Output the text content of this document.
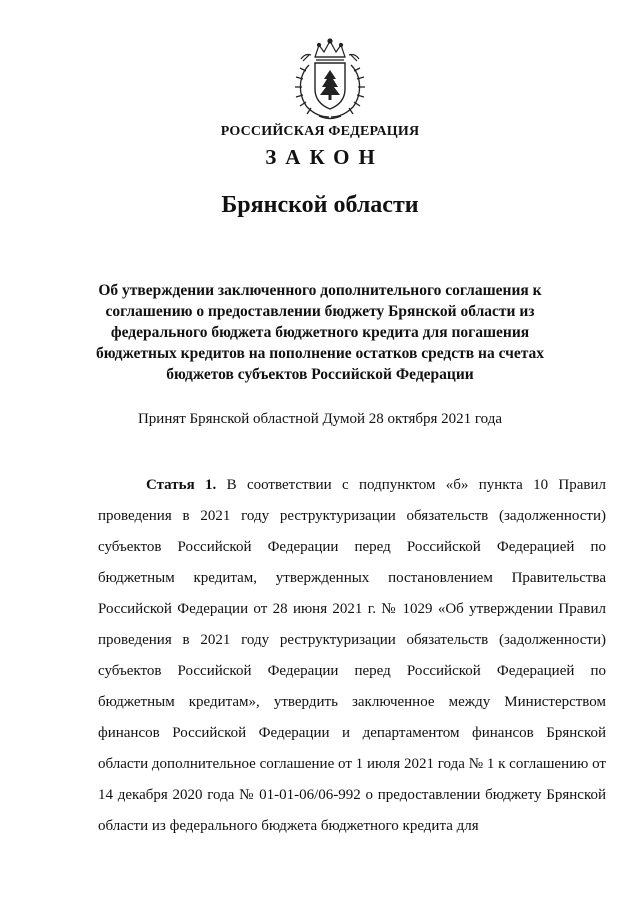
РОССИЙСКАЯ ФЕДЕРАЦИЯ
ЗАКОН
Брянской области
Об утверждении заключенного дополнительного соглашения к
соглашению о предоставлении бюджету Брянской области из
федерального бюджета бюджетного кредита для погашения
бюджетных кредитов на пополнение остатков средств на счетах
бюджетов субъектов Российской Федерации
Принят Брянской областной Думой 28 октября 2021 года

Статья 1. В соответствии с подпунктом «б» пункта 10 Правил проведения в 2021 году реструктуризации обязательств (задолженности) субъектов Российской Федерации перед Российской Федерацией по бюджетным кредитам, утвержденных постановлением Правительства Российской Федерации от 28 июня 2021 г. № 1029 «Об утверждении Правил проведения в 2021 году реструктуризации обязательств (задолженности) субъектов Российской Федерации перед Российской Федерацией по бюджетным кредитам», утвердить заключенное между Министерством финансов Российской Федерации и департаментом финансов Брянской области дополнительное соглашение от 1 июля 2021 года № 1 к соглашению от 14 декабря 2020 года № 01-01-06/06-992 о предоставлении бюджету Брянской области из федерального бюджета бюджетного кредита для
